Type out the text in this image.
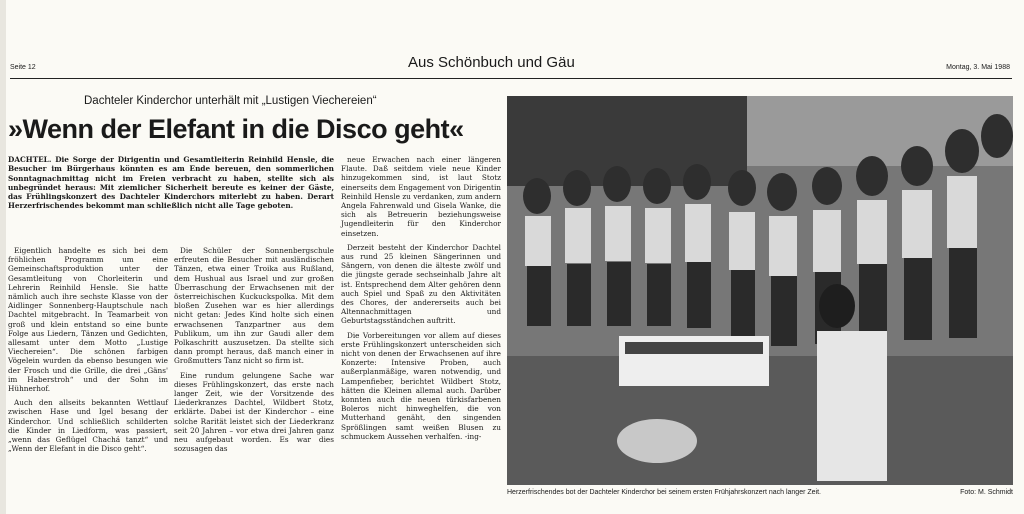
Seite 12	Aus Schönbuch und Gäu	Montag, 3. Mai 1988
Dachteler Kinderchor unterhält mit „Lustigen Viechereien“
»Wenn der Elefant in die Disco geht«
DACHTEL. Die Sorge der Dirigentin und Gesamtleiterin Reinhild Hensle, die Besucher im Bürgerhaus könnten es am Ende bereuen, den sommerlichen Sonntagnachmittag nicht im Freien verbracht zu haben, stellte sich als unbegründet heraus: Mit ziemlicher Sicherheit bereute es keiner der Gäste, das Frühlingskonzert des Dachteler Kinderchors miterlebt zu haben. Derart Herzerfrischendes bekommt man schließlich nicht alle Tage geboten.

Eigentlich handelte es sich bei dem fröhlichen Programm um eine Gemeinschaftsproduktion unter der Gesamtleitung von Chorleiterin und Lehrerin Reinhild Hensle. Sie hatte nämlich auch ihre sechste Klasse von der Aidlinger Sonnenberg-Hauptschule nach Dachtel mitgebracht. In Teamarbeit von groß und klein entstand so eine bunte Folge aus Liedern, Tänzen und Gedichten, allesamt unter dem Motto „Lustige Viechereien“. Die schönen farbigen Vögelein wurden da ebenso besungen wie der Frosch und die Grille, die drei „Gäns' im Haberstroh“ und der Sohn im Hühnerhof.

Auch den allseits bekannten Wettlauf zwischen Hase und Igel besang der Kinderchor. Und schließlich schilderten die Kinder in Liedform, was passiert, „wenn das Geflügel Chachá tanzt“ und „Wenn der Elefant in die Disco geht“.

Die Schüler der Sonnenbergschule erfreuten die Besucher mit ausländischen Tänzen, etwa einer Troika aus Rußland, dem Hushual aus Israel und zur großen Überraschung der Erwachsenen mit der österreichischen Kuckuckspolka. Mit dem bloßen Zusehen war es hier allerdings nicht getan: Jedes Kind holte sich einen erwachsenen Tanzpartner aus dem Publikum, um ihn zur Gaudi aller dem Polkaschritt auszusetzen. Da stellte sich dann prompt heraus, daß manch einer in Großmutters Tanz nicht so firm ist.

Eine rundum gelungene Sache war dieses Frühlingskonzert, das erste nach langer Zeit, wie der Vorsitzende des Liederkranzes Dachtel, Wildbert Stotz, erklärte. Dabei ist der Kinderchor – eine solche Rarität leistet sich der Liederkranz seit 20 Jahren – vor etwa drei Jahren ganz neu aufgebaut worden. Es war dies sozusagen das

neue Erwachen nach einer längeren Flaute. Daß seitdem viele neue Kinder hinzugekommen sind, ist laut Stotz einerseits dem Engagement von Dirigentin Reinhild Hensle zu verdanken, zum andern Angela Fahrenwald und Gisela Wanke, die sich als Betreuerin beziehungsweise Jugendleiterin für den Kinderchor einsetzen.

Derzeit besteht der Kinderchor Dachtel aus rund 25 kleinen Sängerinnen und Sängern, von denen die älteste zwölf und die jüngste gerade sechseinhalb Jahre alt ist. Entsprechend dem Alter gehören denn auch Spiel und Spaß zu den Aktivitäten des Chores, der andererseits auch bei Altennachmittagen und Geburtstagsständchen auftritt.

Die Vorbereitungen vor allem auf dieses erste Frühlingskonzert unterscheiden sich nicht von denen der Erwachsenen auf ihre Konzerte: Intensive Proben, auch außerplanmäßige, waren notwendig, und Lampenfieber, berichtet Wildbert Stotz, hätten die Kleinen allemal auch. Darüber konnten auch die neuen türkisfarbenen Boleros nicht hinweghelfen, die von Mutterhand genäht, den singenden Sprößlingen samt weißen Blusen zu schmuckem Aussehen verhalfen. -ing-

Herzerfrischendes bot der Dachteler Kinderchor bei seinem ersten Frühjahrskonzert nach langer Zeit.	Foto: M. Schmidt
